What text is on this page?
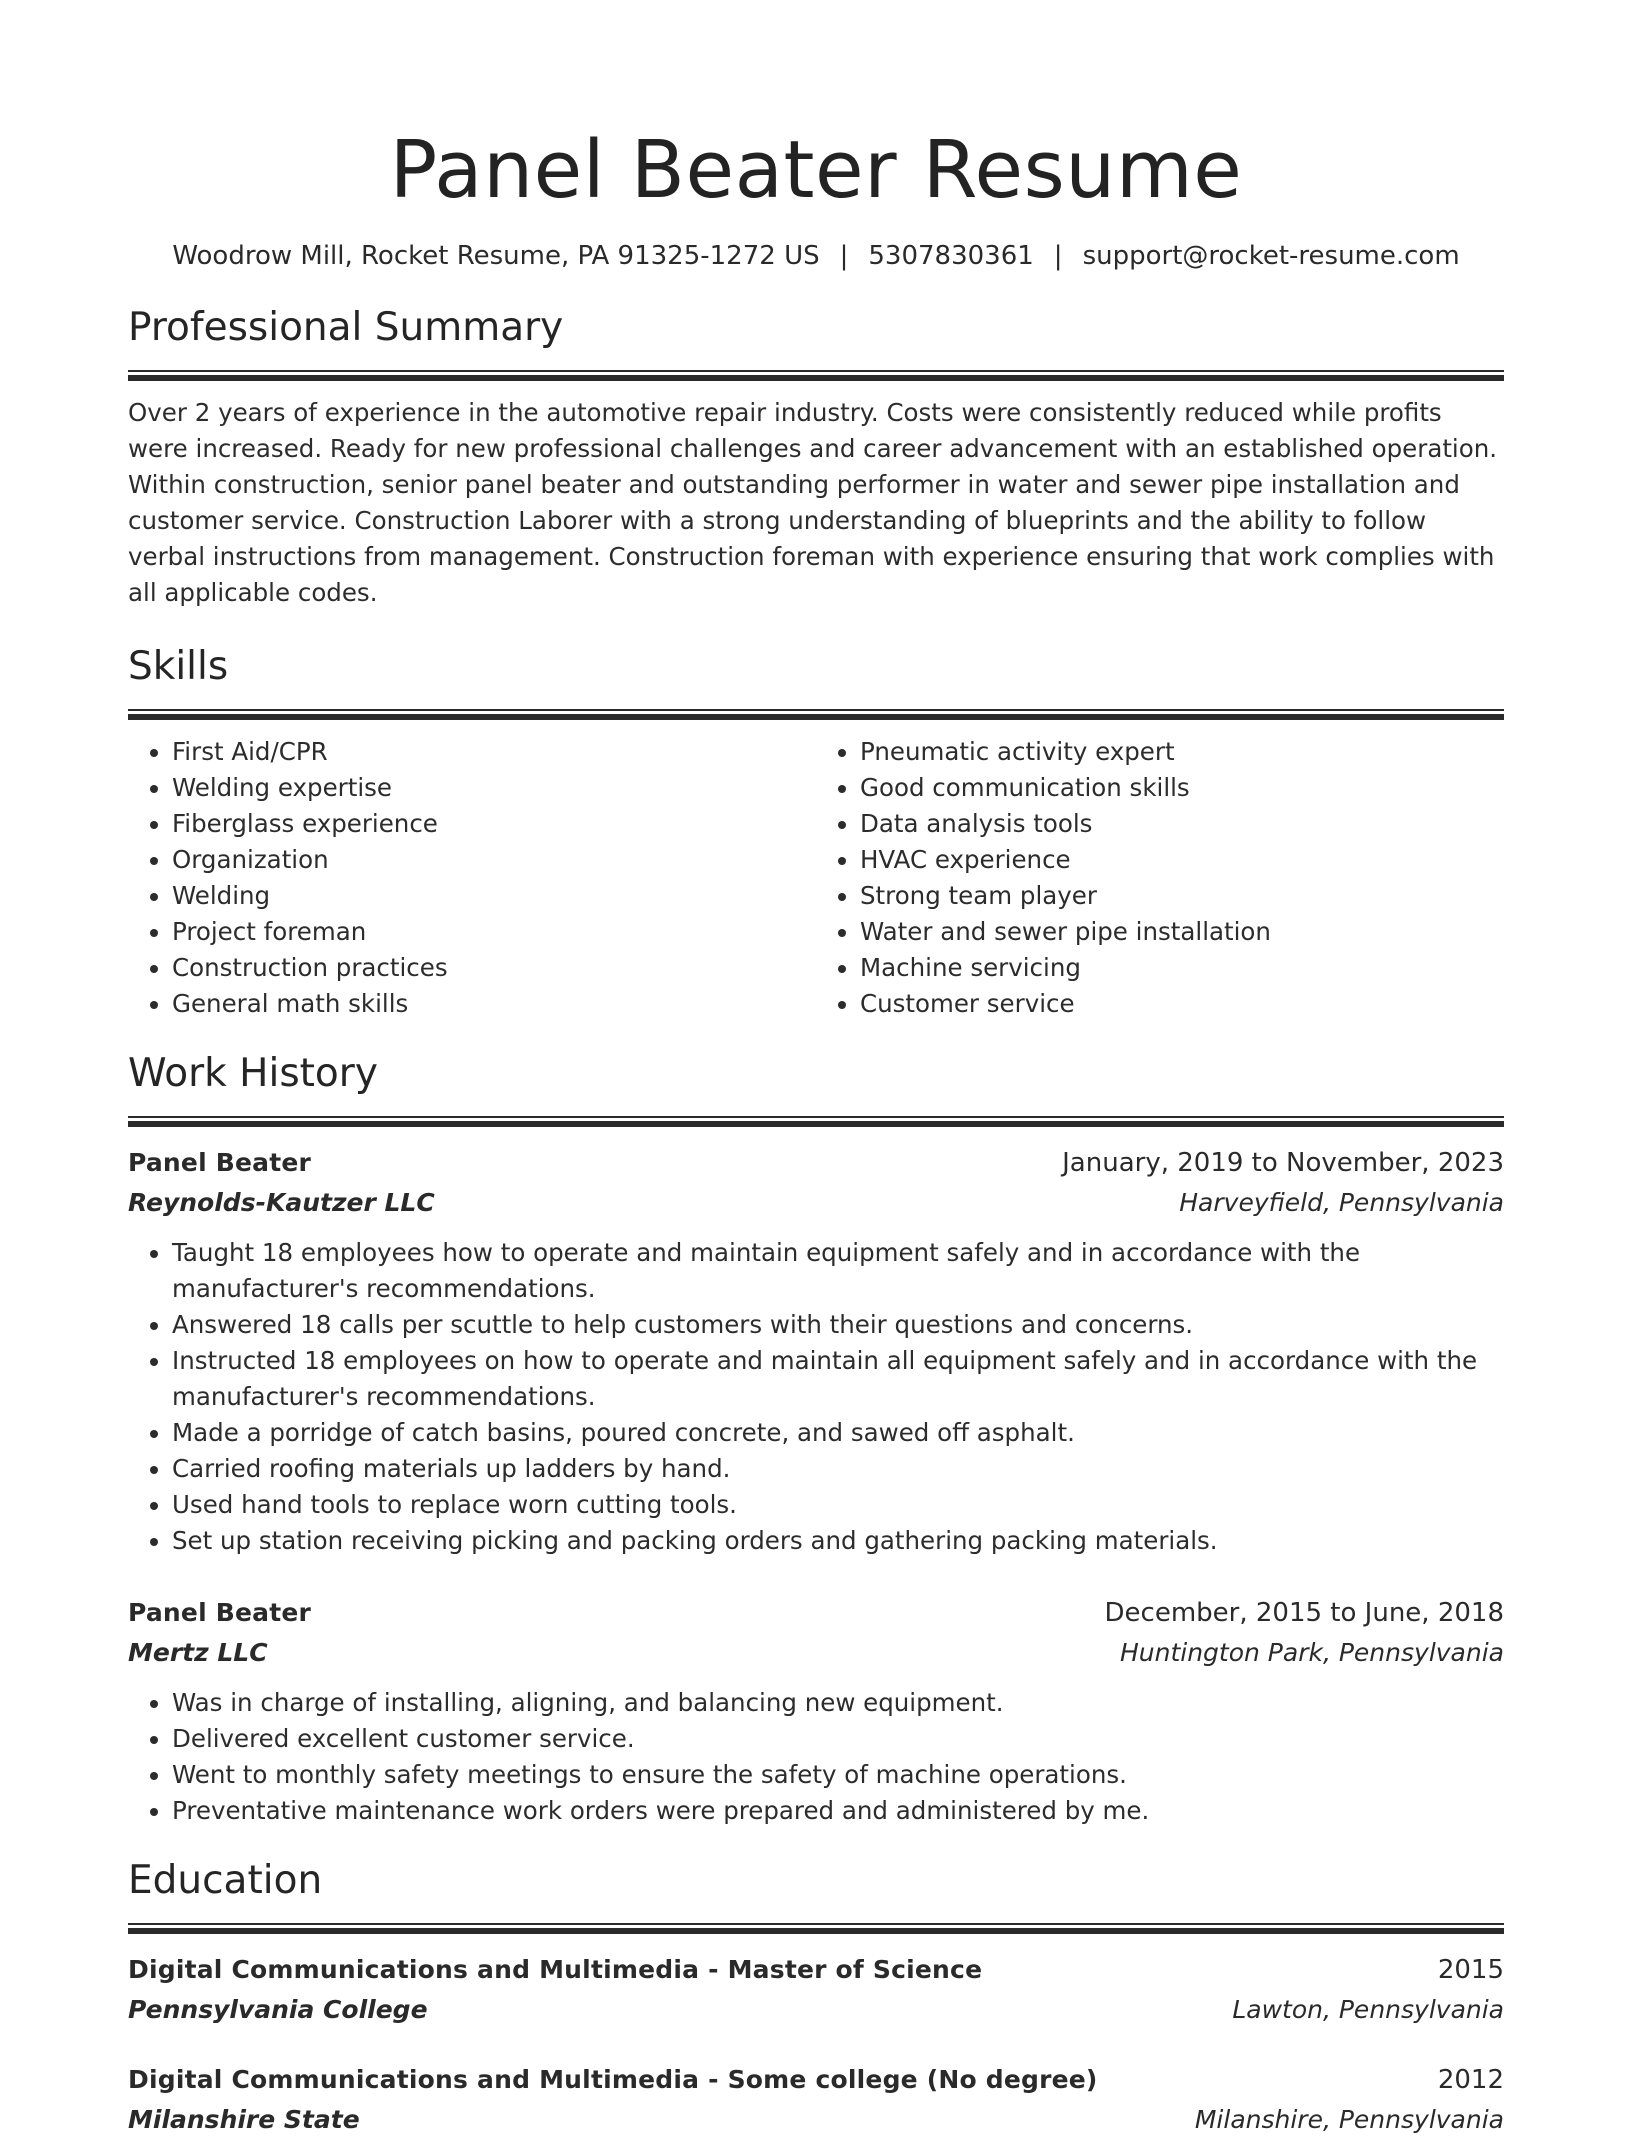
Panel Beater Resume
Woodrow Mill, Rocket Resume, PA 91325-1272 US | 5307830361 | support@rocket-resume.com
Professional Summary
Over 2 years of experience in the automotive repair industry. Costs were consistently reduced while profits were increased. Ready for new professional challenges and career advancement with an established operation. Within construction, senior panel beater and outstanding performer in water and sewer pipe installation and customer service. Construction Laborer with a strong understanding of blueprints and the ability to follow verbal instructions from management. Construction foreman with experience ensuring that work complies with all applicable codes.
Skills
• First Aid/CPR
• Welding expertise
• Fiberglass experience
• Organization
• Welding
• Project foreman
• Construction practices
• General math skills
• Pneumatic activity expert
• Good communication skills
• Data analysis tools
• HVAC experience
• Strong team player
• Water and sewer pipe installation
• Machine servicing
• Customer service
Work History
Panel Beater	January, 2019 to November, 2023
Reynolds-Kautzer LLC	Harveyfield, Pennsylvania
• Taught 18 employees how to operate and maintain equipment safely and in accordance with the manufacturer's recommendations.
• Answered 18 calls per scuttle to help customers with their questions and concerns.
• Instructed 18 employees on how to operate and maintain all equipment safely and in accordance with the manufacturer's recommendations.
• Made a porridge of catch basins, poured concrete, and sawed off asphalt.
• Carried roofing materials up ladders by hand.
• Used hand tools to replace worn cutting tools.
• Set up station receiving picking and packing orders and gathering packing materials.
Panel Beater	December, 2015 to June, 2018
Mertz LLC	Huntington Park, Pennsylvania
• Was in charge of installing, aligning, and balancing new equipment.
• Delivered excellent customer service.
• Went to monthly safety meetings to ensure the safety of machine operations.
• Preventative maintenance work orders were prepared and administered by me.
Education
Digital Communications and Multimedia - Master of Science	2015
Pennsylvania College	Lawton, Pennsylvania
Digital Communications and Multimedia - Some college (No degree)	2012
Milanshire State	Milanshire, Pennsylvania
